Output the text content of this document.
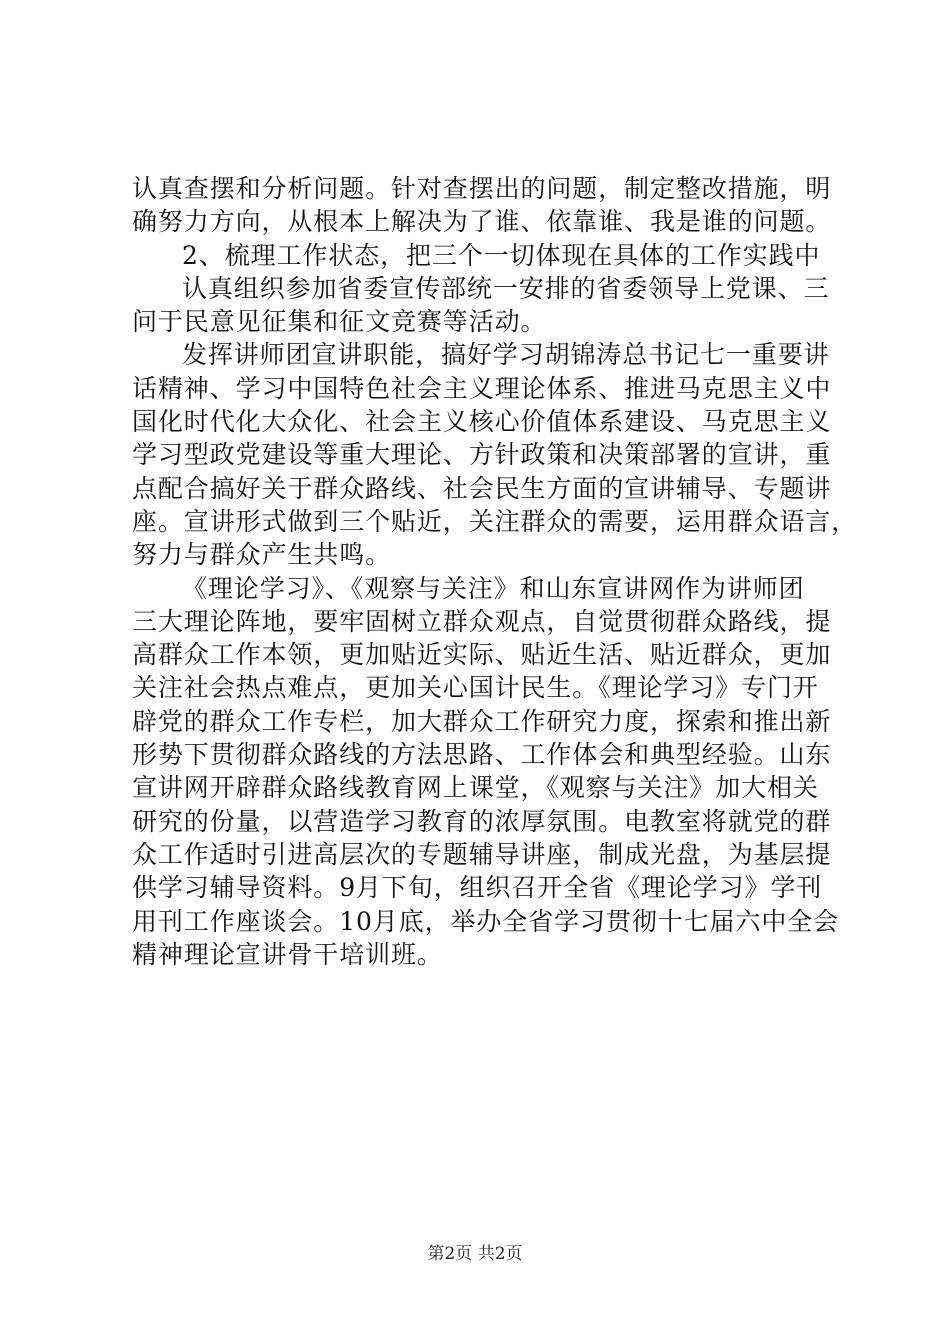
认真查摆和分析问题。针对查摆出的问题，制定整改措施，明
确努力方向，从根本上解决为了谁、依靠谁、我是谁的问题。
2、梳理工作状态，把三个一切体现在具体的工作实践中
认真组织参加省委宣传部统一安排的省委领导上党课、三
问于民意见征集和征文竞赛等活动。
发挥讲师团宣讲职能，搞好学习胡锦涛总书记七一重要讲
话精神、学习中国特色社会主义理论体系、推进马克思主义中
国化时代化大众化、社会主义核心价值体系建设、马克思主义
学习型政党建设等重大理论、方针政策和决策部署的宣讲，重
点配合搞好关于群众路线、社会民生方面的宣讲辅导、专题讲
座。宣讲形式做到三个贴近，关注群众的需要，运用群众语言，
努力与群众产生共鸣。
《理论学习》、《观察与关注》和山东宣讲网作为讲师团
三大理论阵地，要牢固树立群众观点，自觉贯彻群众路线，提
高群众工作本领，更加贴近实际、贴近生活、贴近群众，更加
关注社会热点难点，更加关心国计民生。《理论学习》专门开
辟党的群众工作专栏，加大群众工作研究力度，探索和推出新
形势下贯彻群众路线的方法思路、工作体会和典型经验。山东
宣讲网开辟群众路线教育网上课堂，《观察与关注》加大相关
研究的份量，以营造学习教育的浓厚氛围。电教室将就党的群
众工作适时引进高层次的专题辅导讲座，制成光盘，为基层提
供学习辅导资料。9月下旬，组织召开全省《理论学习》学刊
用刊工作座谈会。10月底，举办全省学习贯彻十七届六中全会
精神理论宣讲骨干培训班。
第2页 共2页
